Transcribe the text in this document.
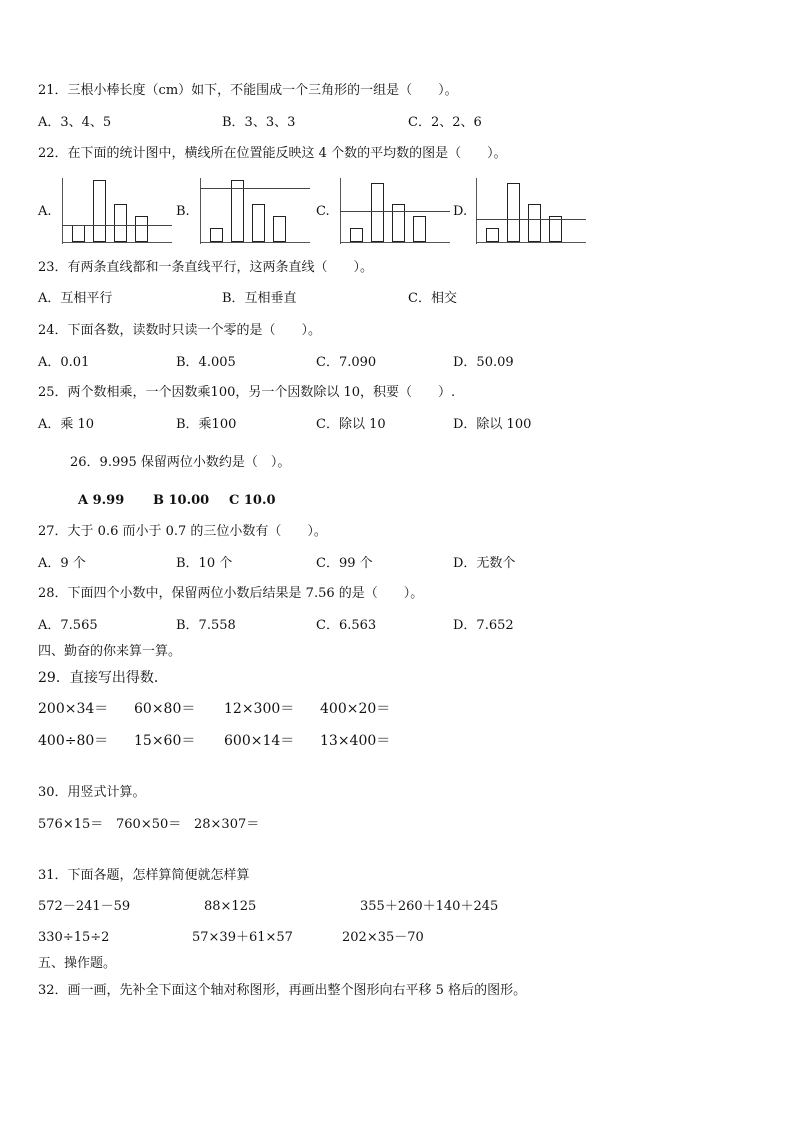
21．三根小棒长度（cm）如下，不能围成一个三角形的一组是（　　）。
A．3、4、5	B．3、3、3	C．2、2、6
22．在下面的统计图中，横线所在位置能反映这 4 个数的平均数的图是（　　）。
A.	B.	C.	D.
23．有两条直线都和一条直线平行，这两条直线（　　）。
A．互相平行	B．互相垂直	C．相交
24．下面各数，读数时只读一个零的是（　　）。
A．0.01	B．4.005	C．7.090	D．50.09
25．两个数相乘，一个因数乘100，另一个因数除以 10，积要（　　）.
A．乘 10	B．乘100	C．除以 10	D．除以 100
26．9.995 保留两位小数约是（　）。
A 9.99 B 10.00 C 10.0
27．大于 0.6 而小于 0.7 的三位小数有（　　）。
A．9 个	B．10 个	C．99 个	D．无数个
28．下面四个小数中，保留两位小数后结果是 7.56 的是（　　）。
A．7.565	B．7.558	C．6.563	D．7.652
四、勤奋的你来算一算。
29．直接写出得数．
200×34＝ 60×80＝ 12×300＝ 400×20＝
400÷80＝ 15×60＝ 600×14＝ 13×400＝
30．用竖式计算。
576×15＝ 760×50＝ 28×307＝
31．下面各题，怎样算简便就怎样算
572－241－59	88×125	355＋260＋140＋245
330÷15÷2	57×39＋61×57	202×35－70
五、操作题。
32．画一画，先补全下面这个轴对称图形，再画出整个图形向右平移 5 格后的图形。
